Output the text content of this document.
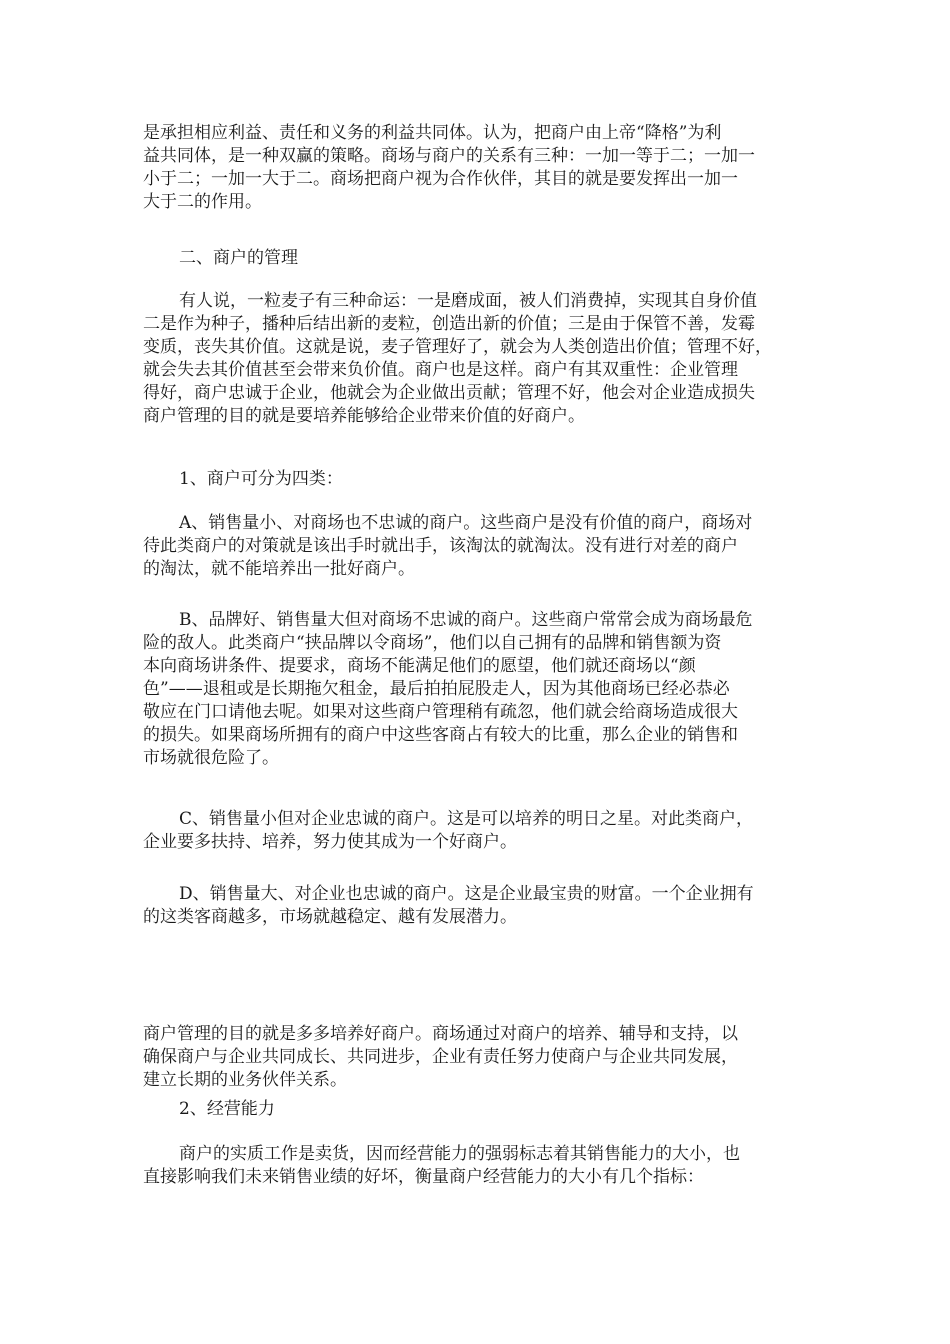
是承担相应利益、责任和义务的利益共同体。认为，把商户由上帝“降格”为利
益共同体，是一种双赢的策略。商场与商户的关系有三种：一加一等于二；一加一
小于二；一加一大于二。商场把商户视为合作伙伴，其目的就是要发挥出一加一
大于二的作用。
二、商户的管理
有人说，一粒麦子有三种命运：一是磨成面，被人们消费掉，实现其自身价值
二是作为种子，播种后结出新的麦粒，创造出新的价值；三是由于保管不善，发霉
变质，丧失其价值。这就是说，麦子管理好了，就会为人类创造出价值；管理不好，
就会失去其价值甚至会带来负价值。商户也是这样。商户有其双重性：企业管理
得好，商户忠诚于企业，他就会为企业做出贡献；管理不好，他会对企业造成损失
商户管理的目的就是要培养能够给企业带来价值的好商户。
1、商户可分为四类：
A、销售量小、对商场也不忠诚的商户。这些商户是没有价值的商户，商场对
待此类商户的对策就是该出手时就出手，该淘汰的就淘汰。没有进行对差的商户
的淘汰，就不能培养出一批好商户。
B、品牌好、销售量大但对商场不忠诚的商户。这些商户常常会成为商场最危
险的敌人。此类商户“挟品牌以令商场”，他们以自己拥有的品牌和销售额为资
本向商场讲条件、提要求，商场不能满足他们的愿望，他们就还商场以“颜
色”——退租或是长期拖欠租金，最后拍拍屁股走人，因为其他商场已经必恭必
敬应在门口请他去呢。如果对这些商户管理稍有疏忽，他们就会给商场造成很大
的损失。如果商场所拥有的商户中这些客商占有较大的比重，那么企业的销售和
市场就很危险了。
C、销售量小但对企业忠诚的商户。这是可以培养的明日之星。对此类商户，
企业要多扶持、培养，努力使其成为一个好商户。
D、销售量大、对企业也忠诚的商户。这是企业最宝贵的财富。一个企业拥有
的这类客商越多，市场就越稳定、越有发展潜力。
商户管理的目的就是多多培养好商户。商场通过对商户的培养、辅导和支持，以
确保商户与企业共同成长、共同进步，企业有责任努力使商户与企业共同发展，
建立长期的业务伙伴关系。
2、经营能力
商户的实质工作是卖货，因而经营能力的强弱标志着其销售能力的大小，也
直接影响我们未来销售业绩的好坏，衡量商户经营能力的大小有几个指标：
